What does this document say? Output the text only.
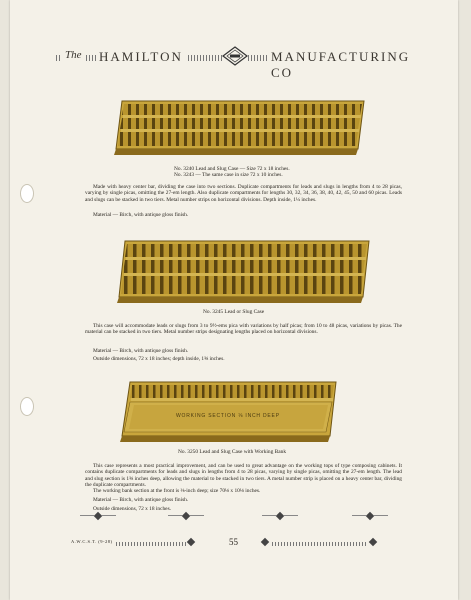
The HAMILTON	MANUFACTURING CO
No. 3240 Lead and Slug Case — Size 72 x 18 inches.
No. 3243 — The same case in size 72 x 10 inches.
Made with heavy center bar, dividing the case into two sections. Duplicate compartments for leads and slugs in lengths from 4 to 28 picas, varying by single picas, omitting the 27-em length. Also duplicate compartments for lengths 30, 32, 34, 36, 38, 40, 42, 45, 50 and 60 picas. Leads and slugs can be stacked in two tiers. Metal number strips on horizontal divisions. Depth inside, 1¼ inches.
Material — Birch, with antique gloss finish.
No. 3245 Lead or Slug Case
This case will accommodate leads or slugs from 3 to 9½-ems pica with variations by half picas; from 10 to 48 picas, variations by picas. The material can be stacked in two tiers. Metal number strips designating lengths placed on horizontal divisions.
Material — Birch, with antique gloss finish.
Outside dimensions, 72 x 18 inches; depth inside, 1⅝ inches.
WORKING SECTION ⅛ INCH DEEP
No. 3250 Lead and Slug Case with Working Bank
This case represents a most practical improvement, and can be used to great advantage on the working tops of type composing cabinets. It contains duplicate compartments for leads and slugs in lengths from 4 to 28 picas, varying by single picas, omitting the 27-em length. The lead and slug section is 1⅝ inches deep, allowing the material to be stacked in two tiers. A metal number strip is placed on a heavy center bar, dividing the duplicate compartments.
The working bank section at the front is ⅛-inch deep; size 70⅛ x 10⅛ inches.
Material — Birch, with antique gloss finish.
Outside dimensions, 72 x 18 inches.
A.W.C.S.T. (9-28)	55
